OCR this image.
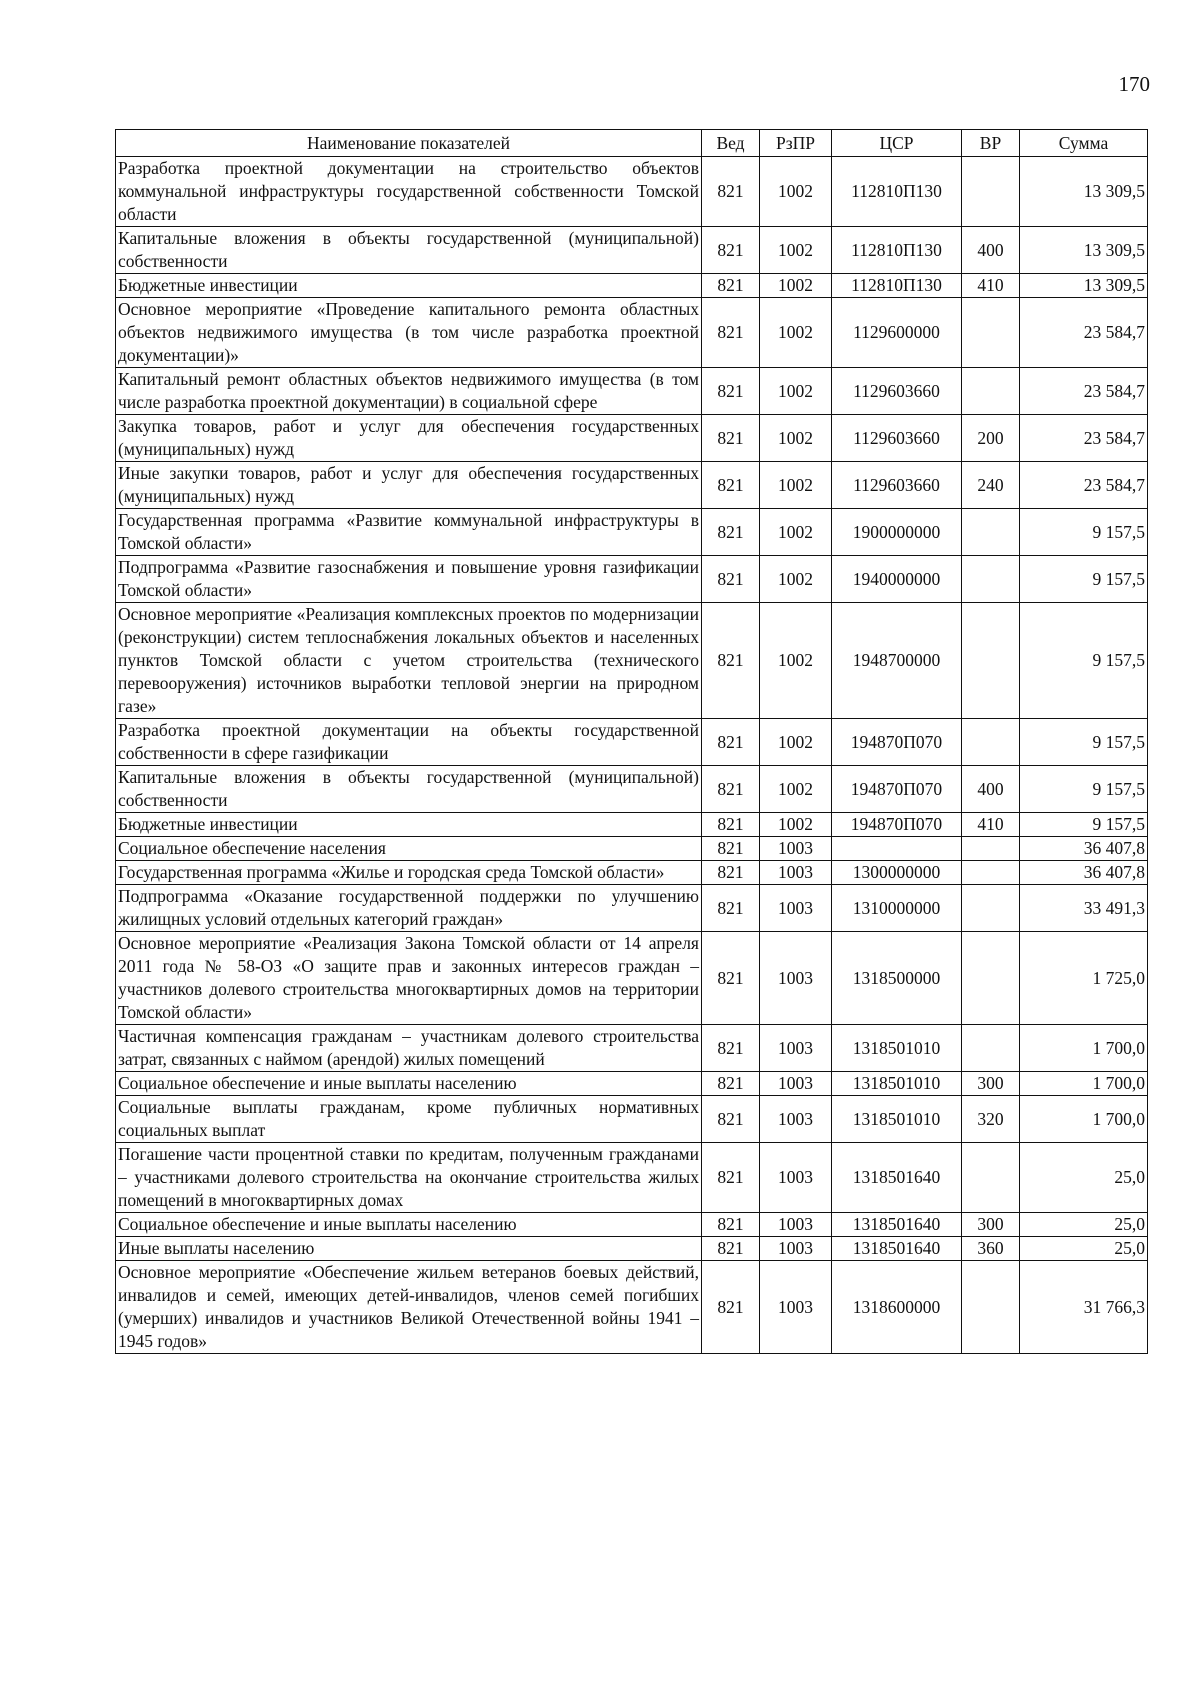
170
Наименование показателей	Вед	РзПР	ЦСР	ВР	Сумма
Разработка проектной документации на строительство объектов коммунальной инфраструктуры государственной собственности Томской области	821	1002	112810П130		13 309,5
Капитальные вложения в объекты государственной (муниципальной) собственности	821	1002	112810П130	400	13 309,5
Бюджетные инвестиции	821	1002	112810П130	410	13 309,5
Основное мероприятие «Проведение капитального ремонта областных объектов недвижимого имущества (в том числе разработка проектной документации)»	821	1002	1129600000		23 584,7
Капитальный ремонт областных объектов недвижимого имущества (в том числе разработка проектной документации) в социальной сфере	821	1002	1129603660		23 584,7
Закупка товаров, работ и услуг для обеспечения государственных (муниципальных) нужд	821	1002	1129603660	200	23 584,7
Иные закупки товаров, работ и услуг для обеспечения государственных (муниципальных) нужд	821	1002	1129603660	240	23 584,7
Государственная программа «Развитие коммунальной инфраструктуры в Томской области»	821	1002	1900000000		9 157,5
Подпрограмма «Развитие газоснабжения и повышение уровня газификации Томской области»	821	1002	1940000000		9 157,5
Основное мероприятие «Реализация комплексных проектов по модернизации (реконструкции) систем теплоснабжения локальных объектов и населенных пунктов Томской области с учетом строительства (технического перевооружения) источников выработки тепловой энергии на природном газе»	821	1002	1948700000		9 157,5
Разработка проектной документации на объекты государственной собственности в сфере газификации	821	1002	194870П070		9 157,5
Капитальные вложения в объекты государственной (муниципальной) собственности	821	1002	194870П070	400	9 157,5
Бюджетные инвестиции	821	1002	194870П070	410	9 157,5
Социальное обеспечение населения	821	1003			36 407,8
Государственная программа «Жилье и городская среда Томской области»	821	1003	1300000000		36 407,8
Подпрограмма «Оказание государственной поддержки по улучшению жилищных условий отдельных категорий граждан»	821	1003	1310000000		33 491,3
Основное мероприятие «Реализация Закона Томской области от 14 апреля 2011 года № 58-ОЗ «О защите прав и законных интересов граждан – участников долевого строительства многоквартирных домов на территории Томской области»	821	1003	1318500000		1 725,0
Частичная компенсация гражданам – участникам долевого строительства затрат, связанных с наймом (арендой) жилых помещений	821	1003	1318501010		1 700,0
Социальное обеспечение и иные выплаты населению	821	1003	1318501010	300	1 700,0
Социальные выплаты гражданам, кроме публичных нормативных социальных выплат	821	1003	1318501010	320	1 700,0
Погашение части процентной ставки по кредитам, полученным гражданами – участниками долевого строительства на окончание строительства жилых помещений в многоквартирных домах	821	1003	1318501640		25,0
Социальное обеспечение и иные выплаты населению	821	1003	1318501640	300	25,0
Иные выплаты населению	821	1003	1318501640	360	25,0
Основное мероприятие «Обеспечение жильем ветеранов боевых действий, инвалидов и семей, имеющих детей-инвалидов, членов семей погибших (умерших) инвалидов и участников Великой Отечественной войны 1941 – 1945 годов»	821	1003	1318600000		31 766,3
